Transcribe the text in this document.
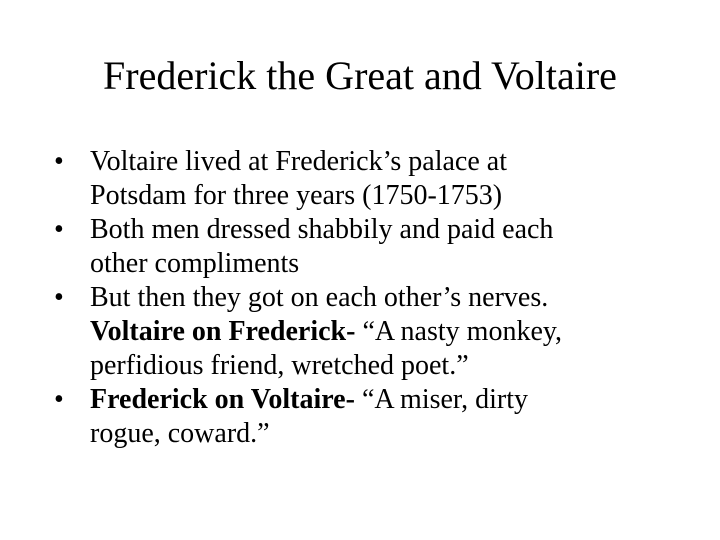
Frederick the Great and Voltaire
• Voltaire lived at Frederick’s palace at
Potsdam for three years (1750-1753)
• Both men dressed shabbily and paid each
other compliments
• But then they got on each other’s nerves.
Voltaire on Frederick- “A nasty monkey,
perfidious friend, wretched poet.”
• Frederick on Voltaire- “A miser, dirty
rogue, coward.”
